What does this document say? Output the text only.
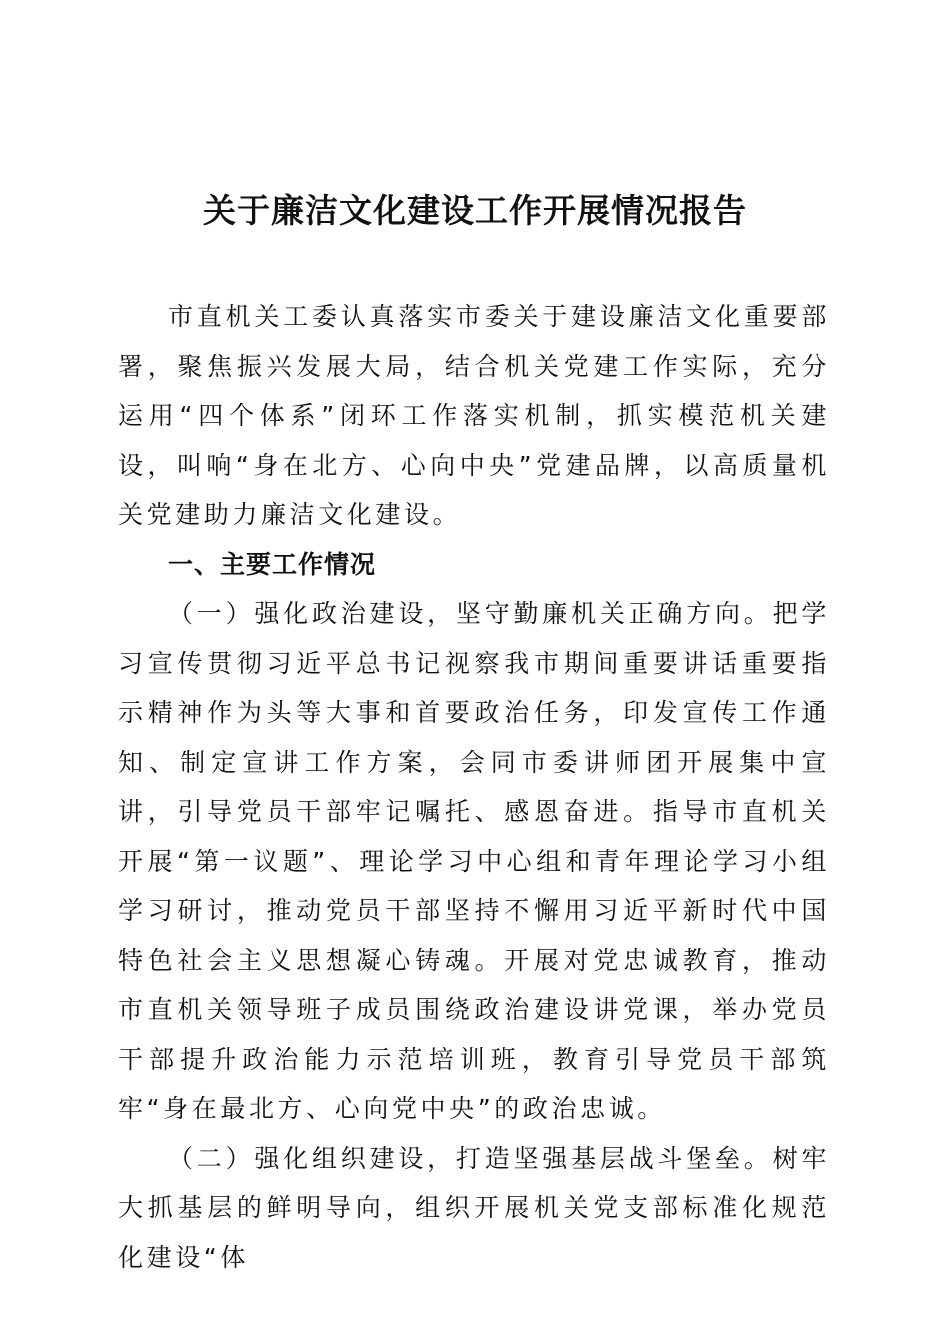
关于廉洁文化建设工作开展情况报告

市直机关工委认真落实市委关于建设廉洁文化重要部署，聚焦振兴发展大局，结合机关党建工作实际，充分运用“四个体系”闭环工作落实机制，抓实模范机关建设，叫响“身在北方、心向中央”党建品牌，以高质量机关党建助力廉洁文化建设。

一、主要工作情况

（一）强化政治建设，坚守勤廉机关正确方向。把学习宣传贯彻习近平总书记视察我市期间重要讲话重要指示精神作为头等大事和首要政治任务，印发宣传工作通知、制定宣讲工作方案，会同市委讲师团开展集中宣讲，引导党员干部牢记嘱托、感恩奋进。指导市直机关开展“第一议题”、理论学习中心组和青年理论学习小组学习研讨，推动党员干部坚持不懈用习近平新时代中国特色社会主义思想凝心铸魂。开展对党忠诚教育，推动市直机关领导班子成员围绕政治建设讲党课，举办党员干部提升政治能力示范培训班，教育引导党员干部筑牢“身在最北方、心向党中央”的政治忠诚。

（二）强化组织建设，打造坚强基层战斗堡垒。树牢大抓基层的鲜明导向，组织开展机关党支部标准化规范化建设“体
